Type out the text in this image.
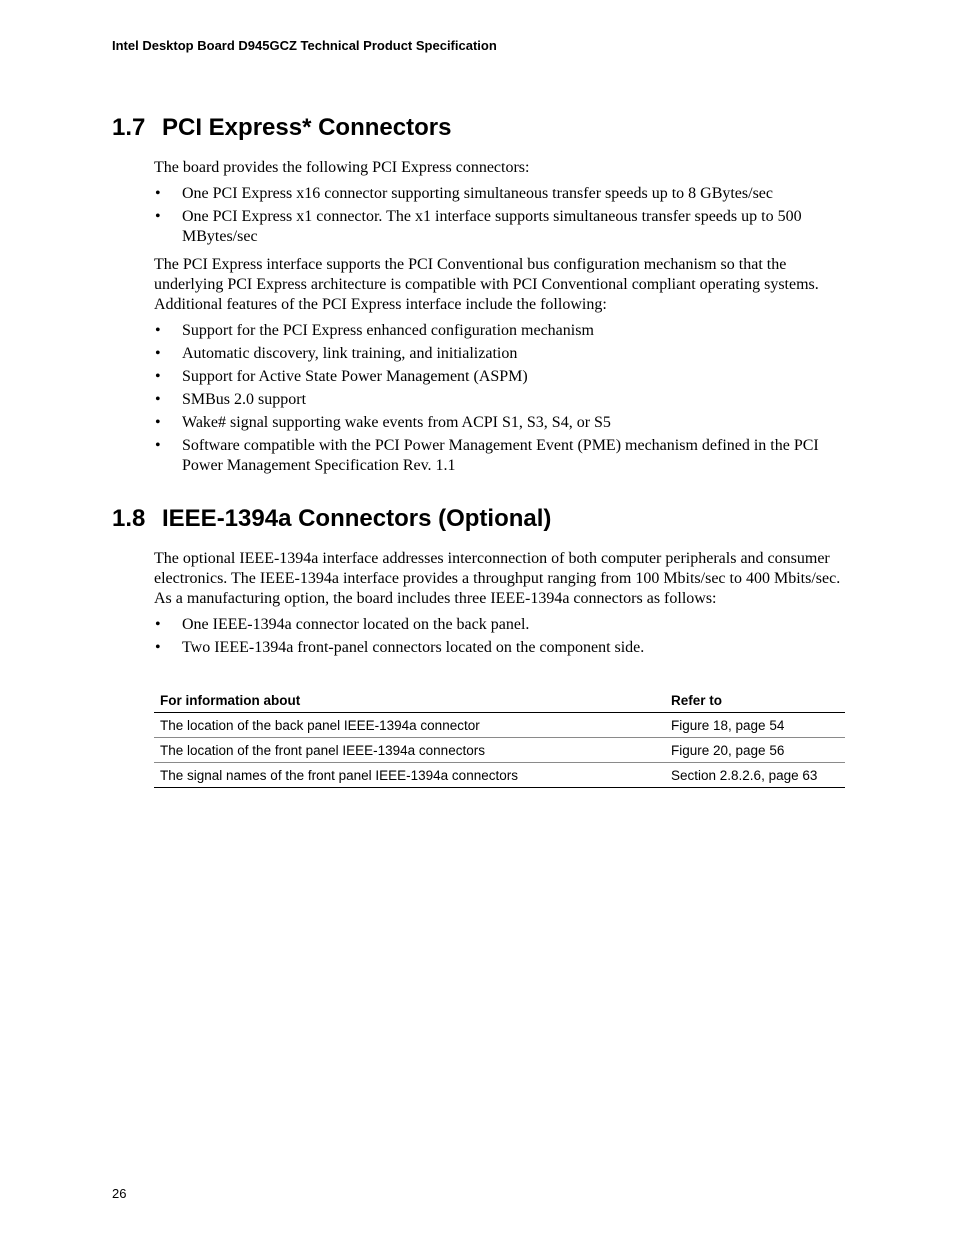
Intel Desktop Board D945GCZ Technical Product Specification
1.7 PCI Express* Connectors

The board provides the following PCI Express connectors:

• One PCI Express x16 connector supporting simultaneous transfer speeds up to 8 GBytes/sec
• One PCI Express x1 connector. The x1 interface supports simultaneous transfer speeds up to 500 MBytes/sec

The PCI Express interface supports the PCI Conventional bus configuration mechanism so that the underlying PCI Express architecture is compatible with PCI Conventional compliant operating systems. Additional features of the PCI Express interface include the following:

• Support for the PCI Express enhanced configuration mechanism
• Automatic discovery, link training, and initialization
• Support for Active State Power Management (ASPM)
• SMBus 2.0 support
• Wake# signal supporting wake events from ACPI S1, S3, S4, or S5
• Software compatible with the PCI Power Management Event (PME) mechanism defined in the PCI Power Management Specification Rev. 1.1
1.8 IEEE-1394a Connectors (Optional)

The optional IEEE-1394a interface addresses interconnection of both computer peripherals and consumer electronics. The IEEE-1394a interface provides a throughput ranging from 100 Mbits/sec to 400 Mbits/sec. As a manufacturing option, the board includes three IEEE-1394a connectors as follows:

• One IEEE-1394a connector located on the back panel.
• Two IEEE-1394a front-panel connectors located on the component side.
For information about	Refer to
The location of the back panel IEEE-1394a connector	Figure 18, page 54
The location of the front panel IEEE-1394a connectors	Figure 20, page 56
The signal names of the front panel IEEE-1394a connectors	Section 2.8.2.6, page 63
26
